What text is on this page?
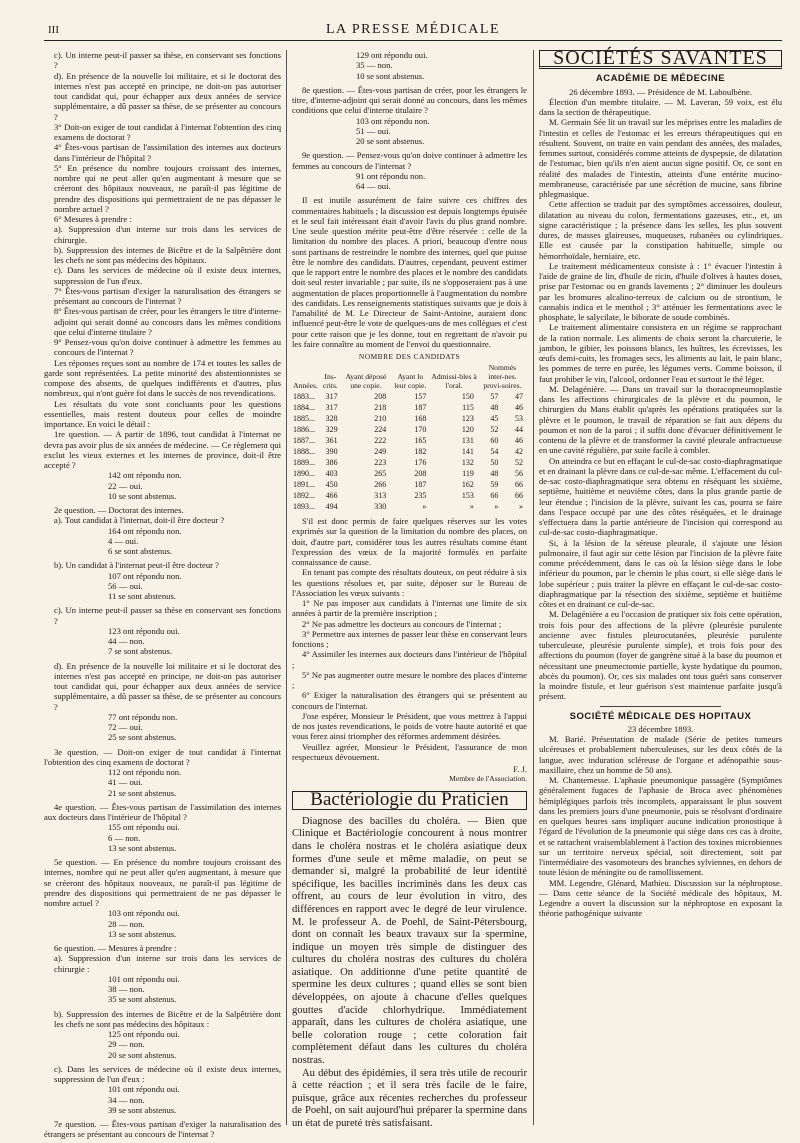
III	LA PRESSE MÉDICALE

c). Un interne peut-il passer sa thèse, en conservant ses fonctions ?

d). En présence de la nouvelle loi militaire, et si le doctorat des internes n'est pas accepté en principe, ne doit-on pas autoriser tout candidat qui, pour échapper aux deux années de service supplémentaire, a dû passer sa thèse, de se présenter au concours ?

3° Doit-on exiger de tout candidat à l'internat l'obtention des cinq examens de doctorat ?

4° Êtes-vous partisan de l'assimilation des internes aux docteurs dans l'intérieur de l'hôpital ?

5° En présence du nombre toujours croissant des internes, nombre qui ne peut aller qu'en augmentant à mesure que se créeront des hôpitaux nouveaux, ne paraît-il pas légitime de prendre des dispositions qui permettraient de ne pas dépasser le nombre actuel ?

6° Mesures à prendre :

a). Suppression d'un interne sur trois dans les services de chirurgie.

b). Suppression des internes de Bicêtre et de la Salpêtrière dont les chefs ne sont pas médecins des hôpitaux.

c). Dans les services de médecine où il existe deux internes, suppression de l'un d'eux.

7° Êtes-vous partisan d'exiger la naturalisation des étrangers se présentant au concours de l'internat ?

8° Êtes-vous partisan de créer, pour les étrangers le titre d'interne-adjoint qui serait donné au concours dans les mêmes conditions que celui d'interne titulaire ?

9° Pensez-vous qu'on doive continuer à admettre les femmes au concours de l'internat ?

Les réponses reçues sont au nombre de 174 et toutes les salles de garde sont représentées. La petite minorité des abstentionnistes se compose des absents, de quelques indifférents et d'autres, plus nombreux, qui n'ont guère foi dans le succès de nos revendications.

Les résultats du vote sont concluants pour les questions essentielles, mais restent douteux pour celles de moindre importance. En voici le détail :

1re question. — A partir de 1896, tout candidat à l'internat ne devra pas avoir plus de six années de médecine. — Ce règlement qui exclut les vieux externes et les internes de province, doit-il être accepté ?

142 ont répondu non.

22 — oui.

10 se sont abstenus.

2e question. — Doctorat des internes.

a). Tout candidat à l'internat, doit-il être docteur ?

164 ont répondu non.

4 — oui.

6 se sont abstenus.

b). Un candidat à l'internat peut-il être docteur ?

107 ont répondu non.

56 — oui.

11 se sont abstenus.

c). Un interne peut-il passer sa thèse en conservant ses fonctions ?

123 ont répondu oui.

44 — non.

7 se sont abstenus.

d). En présence de la nouvelle loi militaire et si le doctorat des internes n'est pas accepté en principe, ne doit-on pas autoriser tout candidat qui, pour échapper aux deux années de service supplémentaire, a dû passer sa thèse, de se présenter au concours ?

77 ont répondu non.

72 — oui.

25 se sont abstenus.

3e question. — Doit-on exiger de tout candidat à l'internat l'obtention des cinq examens de doctorat ?

112 ont répondu non.

41 — oui.

21 se sont abstenus.

4e question. — Êtes-vous partisan de l'assimilation des internes aux docteurs dans l'intérieur de l'hôpital ?

155 ont répondu oui.

6 — non.

13 se sont abstenus.

5e question. — En présence du nombre toujours croissant des internes, nombre qui ne peut aller qu'en augmentant, à mesure que se créeront des hôpitaux nouveaux, ne paraît-il pas légitime de prendre des dispositions qui permettraient de ne pas dépasser le nombre actuel ?

103 ont répondu oui.

28 — non.

13 se sont abstenus.

6e question. — Mesures à prendre :

a). Suppression d'un interne sur trois dans les services de chirurgie :

101 ont répondu oui.

38 — non.

35 se sont abstenus.

b). Suppression des internes de Bicêtre et de la Salpêtrière dont les chefs ne sont pas médecins des hôpitaux :

125 ont répondu oui.

29 — non.

20 se sont abstenus.

c). Dans les services de médecine où il existe deux internes, suppression de l'un d'eux :

101 ont répondu oui.

34 — non.

39 se sont abstenus.

7e question. — Êtes-vous partisan d'exiger la naturalisation des étrangers se présentant au concours de l'internat ?

129 ont répondu oui.

35 — non.

10 se sont abstenus.

8e question. — Êtes-vous partisan de créer, pour les étrangers le titre, d'interne-adjoint qui serait donné au concours, dans les mêmes conditions que celui d'interne titulaire ?

103 ont répondu non.

51 — oui.

20 se sont abstenus.

9e question. — Pensez-vous qu'on doive continuer à admettre les femmes au concours de l'internat ?

91 ont répondu non.

64 — oui.

Il est inutile assurément de faire suivre ces chiffres des commentaires habituels ; la discussion est depuis longtemps épuisée et le seul fait intéressant était d'avoir l'avis du plus grand nombre. Une seule question mérite peut-être d'être réservée : celle de la limitation du nombre des places. A priori, beaucoup d'entre nous sont partisans de restreindre le nombre des internes, quel que puisse être le nombre des candidats. D'autres, cependant, peuvent estimer que le rapport entre le nombre des places et le nombre des candidats doit seul rester invariable ; par suite, ils ne s'opposeraient pas à une augmentation de places proportionnelle à l'augmentation du nombre des candidats. Les renseignements statistiques suivants que je dois à l'amabilité de M. Le Directeur de Saint-Antoine, auraient donc influencé peut-être le vote de quelques-uns de mes collègues et c'est pour cette raison que je les donne, tout en regrettant de n'avoir pu les faire connaître au moment de l'envoi du questionnaire.

NOMBRE DES CANDIDATS						
Années.	Ins-crits.	Ayant déposé une copie.	Ayant lu leur copie.	Admissi-bles à l'oral.	Nommés
inter-nes. provi-soires.	
1883...	317	208	157	150	57	47
1884...	317	218	187	115	48	46
1885...	328	210	168	123	45	53
1886...	329	224	170	120	52	44
1887...	361	222	165	131	60	46
1888...	390	249	182	141	54	42
1889...	386	223	176	132	50	52
1890...	403	265	208	119	48	56
1891...	450	266	187	162	59	66
1892...	466	313	235	153	66	66
1893...	494	330	»	»	»	»

S'il est donc permis de faire quelques réserves sur les votes exprimés sur la question de la limitation du nombre des places, on doit, d'autre part, considérer tous les autres résultats comme étant l'expression des vœux de la majorité formulés en parfaite connaissance de cause.

En tenant pas compte des résultats douteux, on peut réduire à six les questions résolues et, par suite, déposer sur le Bureau de l'Association les vœux suivants :

1° Ne pas imposer aux candidats à l'internat une limite de six années à partir de la première inscription ;

2° Ne pas admettre les docteurs au concours de l'internat ;

3° Permettre aux internes de passer leur thèse en conservant leurs fonctions ;

4° Assimiler les internes aux docteurs dans l'intérieur de l'hôpital ;

5° Ne pas augmenter outre mesure le nombre des places d'interne ;

6° Exiger la naturalisation des étrangers qui se présentent au concours de l'internat.

J'ose espérer, Monsieur le Président, que vous mettrez à l'appui de nos justes revendications, le poids de votre haute autorité et que vous ferez ainsi triompher des réformes ardemment désirées.

Veuillez agréer, Monsieur le Président, l'assurance de mon respectueux dévouement.

F. J.

Membre de l'Association.

Bactériologie du Praticien

Diagnose des bacilles du choléra. — Bien que Clinique et Bactériologie concourent à nous montrer dans le choléra nostras et le choléra asiatique deux formes d'une seule et même maladie, on peut se demander si, malgré la probabilité de leur identité spécifique, les bacilles incriminés dans les deux cas offrent, au cours de leur évolution in vitro, des différences en rapport avec le degré de leur virulence. M. le professeur A. de Poehl, de Saint-Pétersbourg, dont on connaît les beaux travaux sur la spermine, indique un moyen très simple de distinguer des cultures du choléra nostras des cultures du choléra asiatique. On additionne d'une petite quantité de spermine les deux cultures ; quand elles se sont bien développées, on ajoute à chacune d'elles quelques gouttes d'acide chlorhydrique. Immédiatement apparaît, dans les cultures de choléra asiatique, une belle coloration rouge ; cette coloration fait complètement défaut dans les cultures du choléra nostras.

Au début des épidémies, il sera très utile de recourir à cette réaction ; et il sera très facile de le faire, puisque, grâce aux récentes recherches du professeur de Poehl, on sait aujourd'hui préparer la spermine dans un état de pureté très satisfaisant.

SOCIÉTÉS SAVANTES
ACADÉMIE DE MÉDECINE

26 décembre 1893. — Présidence de M. Laboulbène.

Élection d'un membre titulaire. — M. Laveran, 59 voix, est élu dans la section de thérapeutique.

M. Germain Sée lit un travail sur les méprises entre les maladies de l'intestin et celles de l'estomac et les erreurs thérapeutiques qui en résultent. Souvent, on traite en vain pendant des années, des malades, femmes surtout, considérés comme atteints de dyspepsie, de dilatation de l'estomac, bien qu'ils n'en aient aucun signe positif. Or, ce sont en réalité des malades de l'intestin, atteints d'une entérite mucino-membraneuse, caractérisée par une sécrétion de mucine, sans fibrine phlegmasique.

Cette affection se traduit par des symptômes accessoires, douleur, dilatation au niveau du colon, fermentations gazeuses, etc., et, un signe caractéristique ; la présence dans les selles, les plus souvent dures, de masses glaireuses, muqueuses, rubanées ou cylindriques. Elle est causée par la constipation habituelle, simple ou hémorrhoïdale, herniaire, etc.

Le traitement médicamenteux consiste à : 1° évacuer l'intestin à l'aide de graine de lin, d'huile de ricin, d'huile d'olives à hautes doses, prise par l'estomac ou en grands lavements ; 2° diminuer les douleurs par les bromures alcalino-terreux de calcium ou de strontium, le cannabis indica et le menthol ; 3° atténuer les fermentations avec le phosphate, le salycilate, le biborate de soude combinés.

Le traitement alimentaire consistera en un régime se rapprochant de la ration normale. Les aliments de choix seront la charcuterie, le jambon, le gibier, les poissons blancs, les huîtres, les écrevisses, les œufs demi-cuits, les fromages secs, les aliments au lait, le pain blanc, les pommes de terre en purée, les légumes verts. Comme boisson, il faut prohiber le vin, l'alcool, ordonner l'eau et surtout le thé léger.

M. Delagénière. — Dans un travail sur la thoracopneumoplastie dans les affections chirurgicales de la plèvre et du poumon, le chirurgien du Mans établit qu'après les opérations pratiquées sur la plèvre et le poumon, le travail de réparation se fait aux dépens du poumon et non de la paroi ; il suffit donc d'évacuer définitivement le contenu de la plèvre et de transformer la cavité pleurale anfractueuse en une cavité régulière, par suite facile à combler.

On atteindra ce but en effaçant le cul-de-sac costo-diaphragmatique et en drainant la plèvre dans ce cul-de-sac même. L'effacement du cul-de-sac costo-diaphragmatique sera obtenu en réséquant les sixième, septième, huitième et neuvième côtes, dans la plus grande partie de leur étendue ; l'incision de la plèvre, suivant les cas, pourra se faire dans l'espace occupé par une des côtes réséquées, et le drainage s'effectuera dans la partie antérieure de l'incision qui correspond au cul-de-sac costo-diaphragmatique.

Si, à la lésion de la séreuse pleurale, il s'ajoute une lésion pulmonaire, il faut agir sur cette lésion par l'incision de la plèvre faite comme précédemment, dans le cas où la lésion siège dans le lobe inférieur du poumon, par le chemin le plus court, si elle siège dans le lobe supérieur ; puis traiter la plèvre en effaçant le cul-de-sac costo-diaphragmatique par la résection des sixième, septième et huitième côtes et en drainant ce cul-de-sac.

M. Delagénière a eu l'occasion de pratiquer six fois cette opération, trois fois pour des affections de la plèvre (pleurésie purulente ancienne avec fistules pleurocutanées, pleurésie purulente tuberculeuse, pleurésie purulente simple), et trois fois pour des affections du poumon (foyer de gangrène situé à la base du poumon et nécessitant une pneumectomie partielle, kyste hydatique du poumon, abcès du poumon). Or, ces six malades ont tous guéri sans conserver la moindre fistule, et leur guérison s'est maintenue parfaite jusqu'à présent.

SOCIÉTÉ MÉDICALE DES HOPITAUX

23 décembre 1893.

M. Barié. Présentation de malade (Série de petites tumeurs ulcéreuses et probablement tuberculeuses, sur les deux côtés de la langue, avec induration scléreuse de l'organe et adénopathie sous-maxillaire, chez un homme de 50 ans).

M. Chantemesse. L'aphasie pneumonique passagère (Symptômes généralement fugaces de l'aphasie de Broca avec phénomènes hémiplégiques parfois très incomplets, apparaissant le plus souvent dans les premiers jours d'une pneumonie, puis se résolvant d'ordinaire en quelques heures sans impliquer aucune indication pronostique à l'égard de l'évolution de la pneumonie qui siège dans ces cas à droite, et se rattachent vraisemblablement à l'action des toxines microbiennes sur un territoire nerveux spécial, soit directement, soit par l'intermédiaire des vasomoteurs des branches sylviennes, en dehors de toute lésion de méningite ou de ramollissement.

MM. Legendre, Glénard, Mathieu. Discussion sur la néphroptose. — Dans cette séance de la Société médicale des hôpitaux, M. Legendre a ouvert la discussion sur la néphroptose en exposant la théorie pathogénique suivante
